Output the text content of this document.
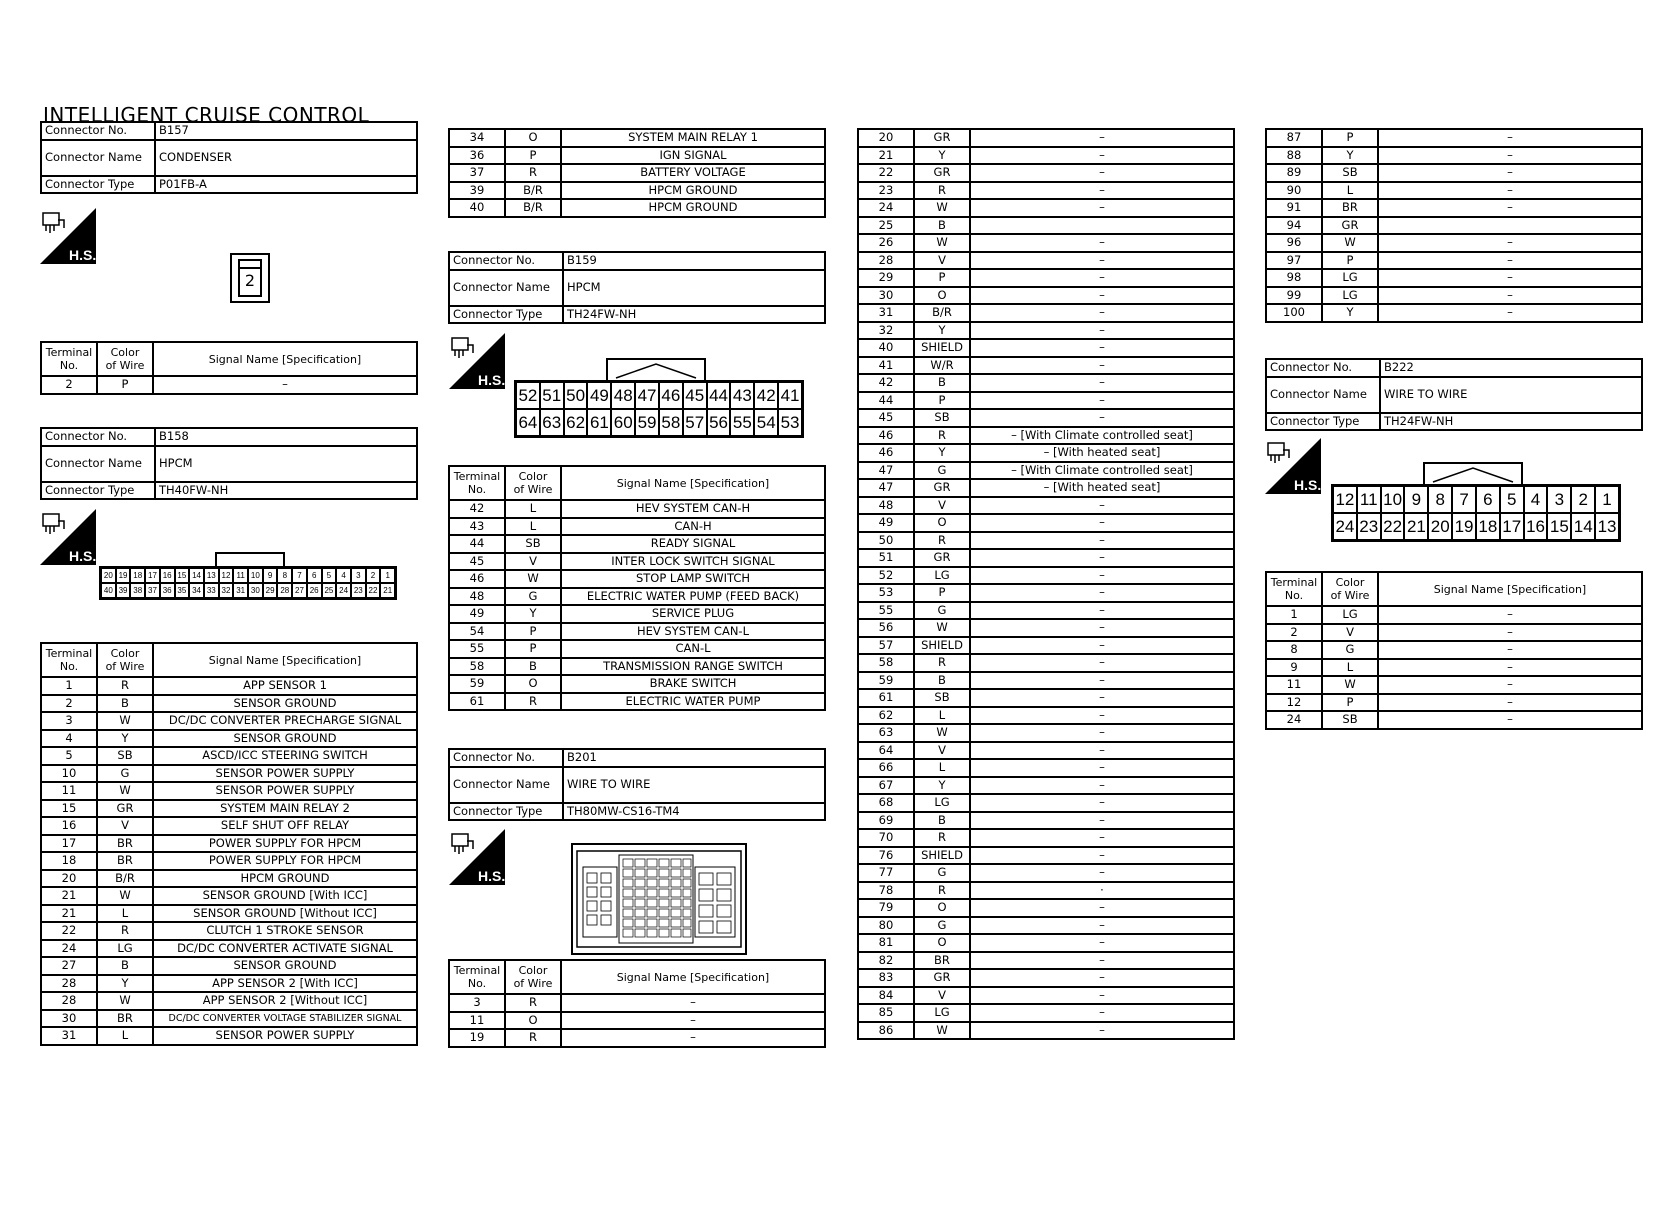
INTELLIGENT CRUISE CONTROL
Connector No.	B157
Connector Name	CONDENSER
Connector Type	P01FB-A
H.S.
2
Terminal
No.	Color
of Wire	Signal Name [Specification]
2	P	–
Connector No.	B158
Connector Name	HPCM
Connector Type	TH40FW-NH
H.S.
20 19 18 17 16 15 14 13 12 11 10	9	8	7	6	5	4	3	2	1
40 39 38 37 36 35 34 33 32 31 30 29 28 27 26 25 24 23 22 21
Terminal
No.	Color
of Wire	Signal Name [Specification]
1	R	APP SENSOR 1
2	B	SENSOR GROUND
3	W	DC/DC CONVERTER PRECHARGE SIGNAL
4	Y	SENSOR GROUND
5	SB	ASCD/ICC STEERING SWITCH
10	G	SENSOR POWER SUPPLY
11	W	SENSOR POWER SUPPLY
15	GR	SYSTEM MAIN RELAY 2
16	V	SELF SHUT OFF RELAY
17	BR	POWER SUPPLY FOR HPCM
18	BR	POWER SUPPLY FOR HPCM
20	B/R	HPCM GROUND
21	W	SENSOR GROUND [With ICC]
21	L	SENSOR GROUND [Without ICC]
22	R	CLUTCH 1 STROKE SENSOR
24	LG	DC/DC CONVERTER ACTIVATE SIGNAL
27	B	SENSOR GROUND
28	Y	APP SENSOR 2 [With ICC]
28	W	APP SENSOR 2 [Without ICC]
30	BR	DC/DC CONVERTER VOLTAGE STABILIZER SIGNAL
31	L	SENSOR POWER SUPPLY
34	O	SYSTEM MAIN RELAY 1
36	P	IGN SIGNAL
37	R	BATTERY VOLTAGE
39	B/R	HPCM GROUND
40	B/R	HPCM GROUND
Connector No.	B159
Connector Name	HPCM
Connector Type	TH24FW-NH
H.S.
52 51 50 49 48 47 46 45 44 43 42 41
64 63 62 61 60 59 58 57 56 55 54 53
Terminal
No.	Color
of Wire	Signal Name [Specification]
42	L	HEV SYSTEM CAN-H
43	L	CAN-H
44	SB	READY SIGNAL
45	V	INTER LOCK SWITCH SIGNAL
46	W	STOP LAMP SWITCH
48	G	ELECTRIC WATER PUMP (FEED BACK)
49	Y	SERVICE PLUG
54	P	HEV SYSTEM CAN-L
55	P	CAN-L
58	B	TRANSMISSION RANGE SWITCH
59	O	BRAKE SWITCH
61	R	ELECTRIC WATER PUMP
Connector No.	B201
Connector Name	WIRE TO WIRE
Connector Type	TH80MW-CS16-TM4
H.S.
Terminal
No.	Color
of Wire	Signal Name [Specification]
3	R	–
11	O	–
19	R	–
20	GR	–
21	Y	–
22	GR	–
23	R	–
24	W	–
25	B	
26	W	–
28	V	–
29	P	–
30	O	–
31	B/R	–
32	Y	–
40	SHIELD	–
41	W/R	–
42	B	–
44	P	–
45	SB	–
46	R	– [With Climate controlled seat]
46	Y	– [With heated seat]
47	G	– [With Climate controlled seat]
47	GR	– [With heated seat]
48	V	–
49	O	–
50	R	–
51	GR	–
52	LG	–
53	P	–
55	G	–
56	W	–
57	SHIELD	–
58	R	–
59	B	–
61	SB	–
62	L	–
63	W	–
64	V	–
66	L	–
67	Y	–
68	LG	–
69	B	–
70	R	–
76	SHIELD	–
77	G	–
78	R	·
79	O	–
80	G	–
81	O	–
82	BR	–
83	GR	–
84	V	–
85	LG	–
86	W	–
87	P	–
88	Y	–
89	SB	–
90	L	–
91	BR	–
94	GR	
96	W	–
97	P	–
98	LG	–
99	LG	–
100	Y	–
Connector No.	B222
Connector Name	WIRE TO WIRE
Connector Type	TH24FW-NH
H.S.
12 11 10 9 8 7 6 5 4 3 2 1
24 23 22 21 20 19 18 17 16 15 14 13
Terminal
No.	Color
of Wire	Signal Name [Specification]
1	LG	–
2	V	–
8	G	–
9	L	–
11	W	–
12	P	–
24	SB	–
